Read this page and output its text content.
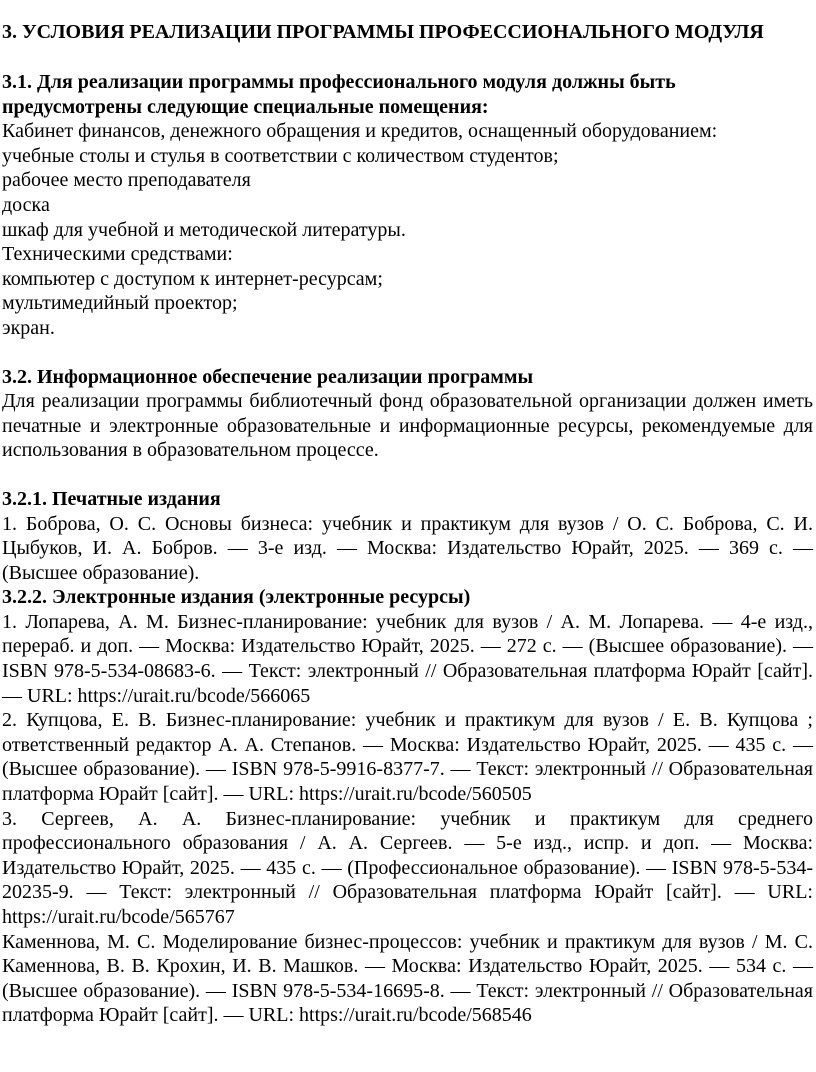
3. УСЛОВИЯ РЕАЛИЗАЦИИ ПРОГРАММЫ ПРОФЕССИОНАЛЬНОГО МОДУЛЯ

3.1. Для реализации программы профессионального модуля должны быть предусмотрены следующие специальные помещения:

Кабинет финансов, денежного обращения и кредитов, оснащенный оборудованием:

учебные столы и стулья в соответствии с количеством студентов;

рабочее место преподавателя

доска

шкаф для учебной и методической литературы.

Техническими средствами:

компьютер с доступом к интернет-ресурсам;

мультимедийный проектор;

экран.

3.2. Информационное обеспечение реализации программы

Для реализации программы библиотечный фонд образовательной организации должен иметь печатные и электронные образовательные и информационные ресурсы, рекомендуемые для использования в образовательном процессе.

3.2.1. Печатные издания

1. Боброва, О. С. Основы бизнеса: учебник и практикум для вузов / О. С. Боброва, С. И. Цыбуков, И. А. Бобров. — 3-е изд. — Москва: Издательство Юрайт, 2025. — 369 с. — (Высшее образование).

3.2.2. Электронные издания (электронные ресурсы)

1. Лопарева, А. М. Бизнес-планирование: учебник для вузов / А. М. Лопарева. — 4-е изд., перераб. и доп. — Москва: Издательство Юрайт, 2025. — 272 с. — (Высшее образование). — ISBN 978-5-534-08683-6. — Текст: электронный // Образовательная платформа Юрайт [сайт]. — URL: https://urait.ru/bcode/566065

2. Купцова, Е. В. Бизнес-планирование: учебник и практикум для вузов / Е. В. Купцова ; ответственный редактор А. А. Степанов. — Москва: Издательство Юрайт, 2025. — 435 с. — (Высшее образование). — ISBN 978-5-9916-8377-7. — Текст: электронный // Образовательная платформа Юрайт [сайт]. — URL: https://urait.ru/bcode/560505

3. Сергеев, А. А. Бизнес-планирование: учебник и практикум для среднего профессионального образования / А. А. Сергеев. — 5-е изд., испр. и доп. — Москва: Издательство Юрайт, 2025. — 435 с. — (Профессиональное образование). — ISBN 978-5-534-20235-9. — Текст: электронный // Образовательная платформа Юрайт [сайт]. — URL: https://urait.ru/bcode/565767

Каменнова, М. С. Моделирование бизнес-процессов: учебник и практикум для вузов / М. С. Каменнова, В. В. Крохин, И. В. Машков. — Москва: Издательство Юрайт, 2025. — 534 с. — (Высшее образование). — ISBN 978-5-534-16695-8. — Текст: электронный // Образовательная платформа Юрайт [сайт]. — URL: https://urait.ru/bcode/568546
